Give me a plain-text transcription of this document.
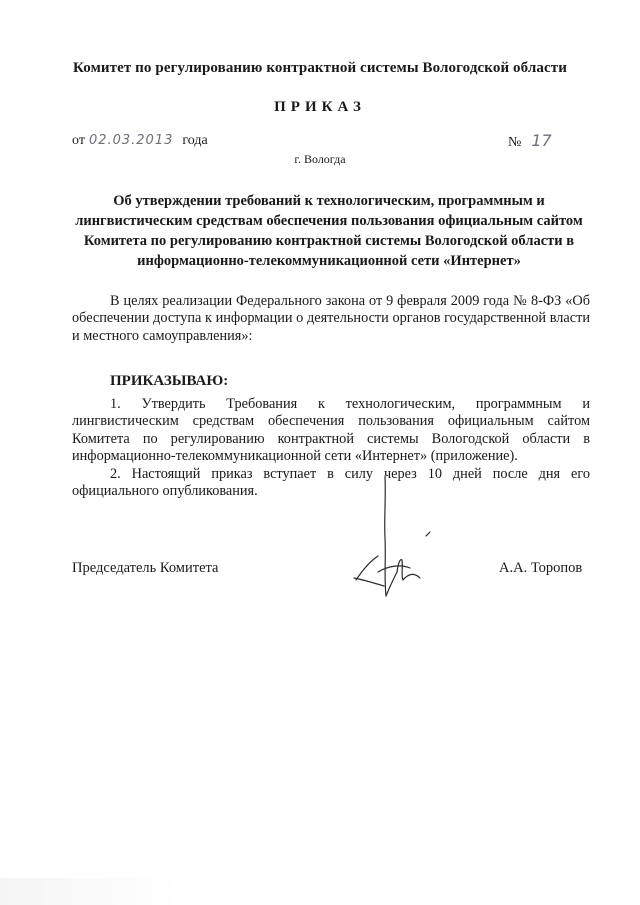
Комитет по регулированию контрактной системы Вологодской области
ПРИКАЗ
от 02.03.2013 года	№ 17
г. Вологда
Об утверждении требований к технологическим, программным и лингвистическим средствам обеспечения пользования официальным сайтом Комитета по регулированию контрактной системы Вологодской области в информационно-телекоммуникационной сети «Интернет»
В целях реализации Федерального закона от 9 февраля 2009 года № 8-ФЗ «Об обеспечении доступа к информации о деятельности органов государственной власти и местного самоуправления»:
ПРИКАЗЫВАЮ:
1. Утвердить Требования к технологическим, программным и лингвистическим средствам обеспечения пользования официальным сайтом Комитета по регулированию контрактной системы Вологодской области в информационно-телекоммуникационной сети «Интернет» (приложение).
2. Настоящий приказ вступает в силу через 10 дней после дня его официального опубликования.
Председатель Комитета	А.А. Торопов
